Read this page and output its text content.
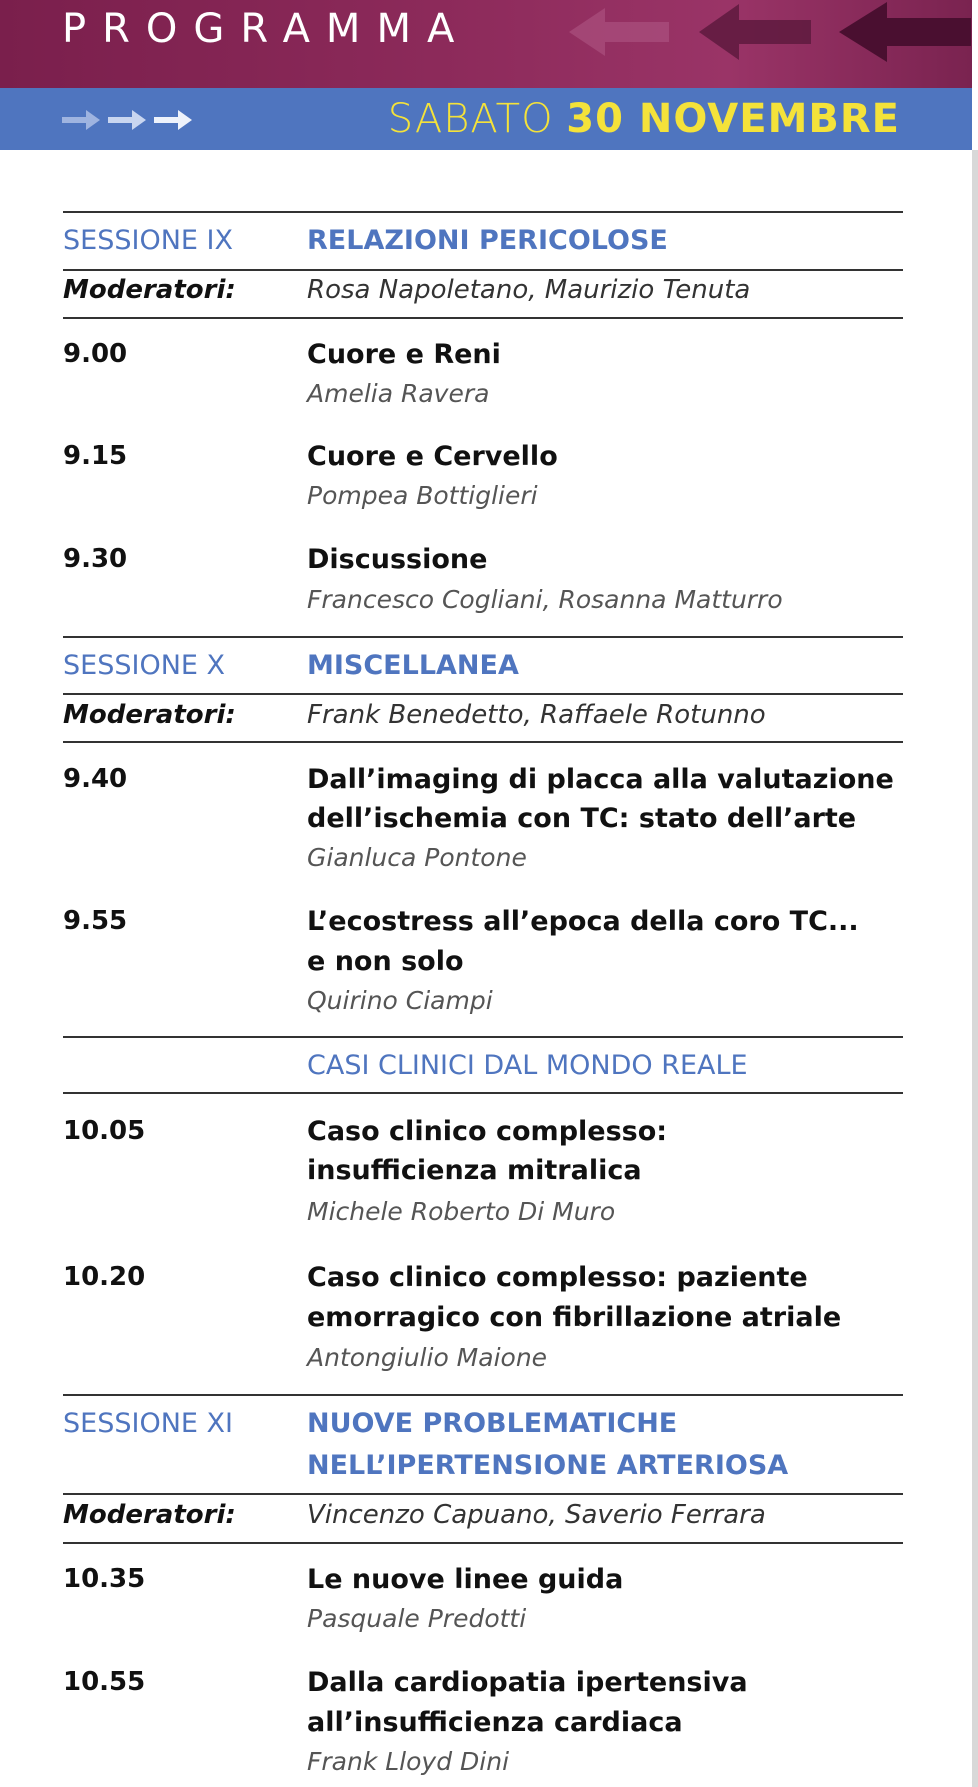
PROGRAMMA
SABATO 30 NOVEMBRE
SESSIONE IX	RELAZIONI PERICOLOSE
Moderatori:	Rosa Napoletano, Maurizio Tenuta
9.00	Cuore e Reni
Amelia Ravera
9.15	Cuore e Cervello
Pompea Bottiglieri
9.30	Discussione
Francesco Cogliani, Rosanna Matturro
SESSIONE X	MISCELLANEA
Moderatori:	Frank Benedetto, Raffaele Rotunno
9.40	Dall’imaging di placca alla valutazione
dell’ischemia con TC: stato dell’arte
Gianluca Pontone
9.55	L’ecostress all’epoca della coro TC...
e non solo
Quirino Ciampi
CASI CLINICI DAL MONDO REALE
10.05	Caso clinico complesso:
insufficienza mitralica
Michele Roberto Di Muro
10.20	Caso clinico complesso: paziente
emorragico con fibrillazione atriale
Antongiulio Maione
SESSIONE XI	NUOVE PROBLEMATICHE
NELL’IPERTENSIONE ARTERIOSA
Moderatori:	Vincenzo Capuano, Saverio Ferrara
10.35	Le nuove linee guida
Pasquale Predotti
10.55	Dalla cardiopatia ipertensiva
all’insufficienza cardiaca
Frank Lloyd Dini
